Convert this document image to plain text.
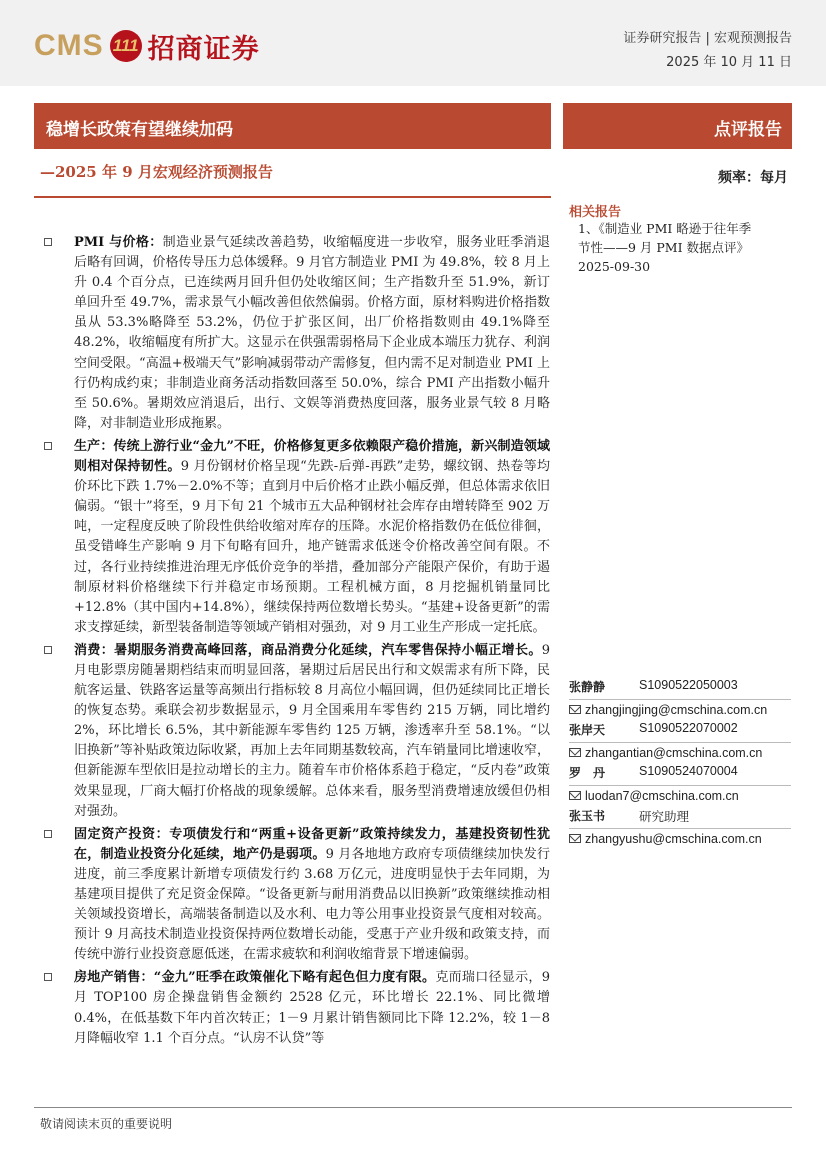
CMS 111 招商证券	证券研究报告 | 宏观预测报告
2025 年 10 月 11 日
稳增长政策有望继续加码	点评报告
—2025 年 9 月宏观经济预测报告	频率：每月
相关报告
1、《制造业 PMI 略逊于往年季
节性——9 月 PMI 数据点评》
2025-09-30
PMI 与价格：制造业景气延续改善趋势，收缩幅度进一步收窄，服务业旺季消退后略有回调，价格传导压力总体缓释。9 月官方制造业 PMI 为 49.8%，较 8 月上升 0.4 个百分点，已连续两月回升但仍处收缩区间；生产指数升至 51.9%，新订单回升至 49.7%，需求景气小幅改善但依然偏弱。价格方面，原材料购进价格指数虽从 53.3%略降至 53.2%，仍位于扩张区间，出厂价格指数则由 49.1%降至 48.2%，收缩幅度有所扩大。这显示在供强需弱格局下企业成本端压力犹存、利润空间受限。“高温+极端天气”影响减弱带动产需修复，但内需不足对制造业 PMI 上行仍构成约束；非制造业商务活动指数回落至 50.0%，综合 PMI 产出指数小幅升至 50.6%。暑期效应消退后，出行、文娱等消费热度回落，服务业景气较 8 月略降，对非制造业形成拖累。
生产：传统上游行业“金九”不旺，价格修复更多依赖限产稳价措施，新兴制造领域则相对保持韧性。9 月份钢材价格呈现“先跌-后弹-再跌”走势，螺纹钢、热卷等均价环比下跌 1.7%－2.0%不等；直到月中后价格才止跌小幅反弹，但总体需求依旧偏弱。“银十”将至，9 月下旬 21 个城市五大品种钢材社会库存由增转降至 902 万吨，一定程度反映了阶段性供给收缩对库存的压降。水泥价格指数仍在低位徘徊，虽受错峰生产影响 9 月下旬略有回升，地产链需求低迷令价格改善空间有限。不过，各行业持续推进治理无序低价竞争的举措，叠加部分产能限产保价，有助于遏制原材料价格继续下行并稳定市场预期。工程机械方面，8 月挖掘机销量同比 +12.8%（其中国内+14.8%），继续保持两位数增长势头。“基建+设备更新”的需求支撑延续，新型装备制造等领域产销相对强劲，对 9 月工业生产形成一定托底。
消费：暑期服务消费高峰回落，商品消费分化延续，汽车零售保持小幅正增长。9 月电影票房随暑期档结束而明显回落，暑期过后居民出行和文娱需求有所下降，民航客运量、铁路客运量等高频出行指标较 8 月高位小幅回调，但仍延续同比正增长的恢复态势。乘联会初步数据显示，9 月全国乘用车零售约 215 万辆，同比增约 2%，环比增长 6.5%，其中新能源车零售约 125 万辆，渗透率升至 58.1%。“以旧换新”等补贴政策边际收紧，再加上去年同期基数较高，汽车销量同比增速收窄，但新能源车型依旧是拉动增长的主力。随着车市价格体系趋于稳定，“反内卷”政策效果显现，厂商大幅打价格战的现象缓解。总体来看，服务型消费增速放缓但仍相对强劲。
固定资产投资：专项债发行和“两重+设备更新”政策持续发力，基建投资韧性犹在，制造业投资分化延续，地产仍是弱项。9 月各地地方政府专项债继续加快发行进度，前三季度累计新增专项债发行约 3.68 万亿元，进度明显快于去年同期，为基建项目提供了充足资金保障。“设备更新与耐用消费品以旧换新”政策继续推动相关领域投资增长，高端装备制造以及水利、电力等公用事业投资景气度相对较高。预计 9 月高技术制造业投资保持两位数增长动能，受惠于产业升级和政策支持，而传统中游行业投资意愿低迷，在需求疲软和利润收缩背景下增速偏弱。
房地产销售：“金九”旺季在政策催化下略有起色但力度有限。克而瑞口径显示，9 月 TOP100 房企操盘销售金额约 2528 亿元，环比增长 22.1%、同比微增 0.4%，在低基数下年内首次转正；1－9 月累计销售额同比下降 12.2%，较 1－8 月降幅收窄 1.1 个百分点。“认房不认贷”等
张静静	S1090522050003
zhangjingjing@cmschina.com.cn
张岸天	S1090522070002
zhangantian@cmschina.com.cn
罗　丹	S1090524070004
luodan7@cmschina.com.cn
张玉书	研究助理
zhangyushu@cmschina.com.cn
敬请阅读末页的重要说明
